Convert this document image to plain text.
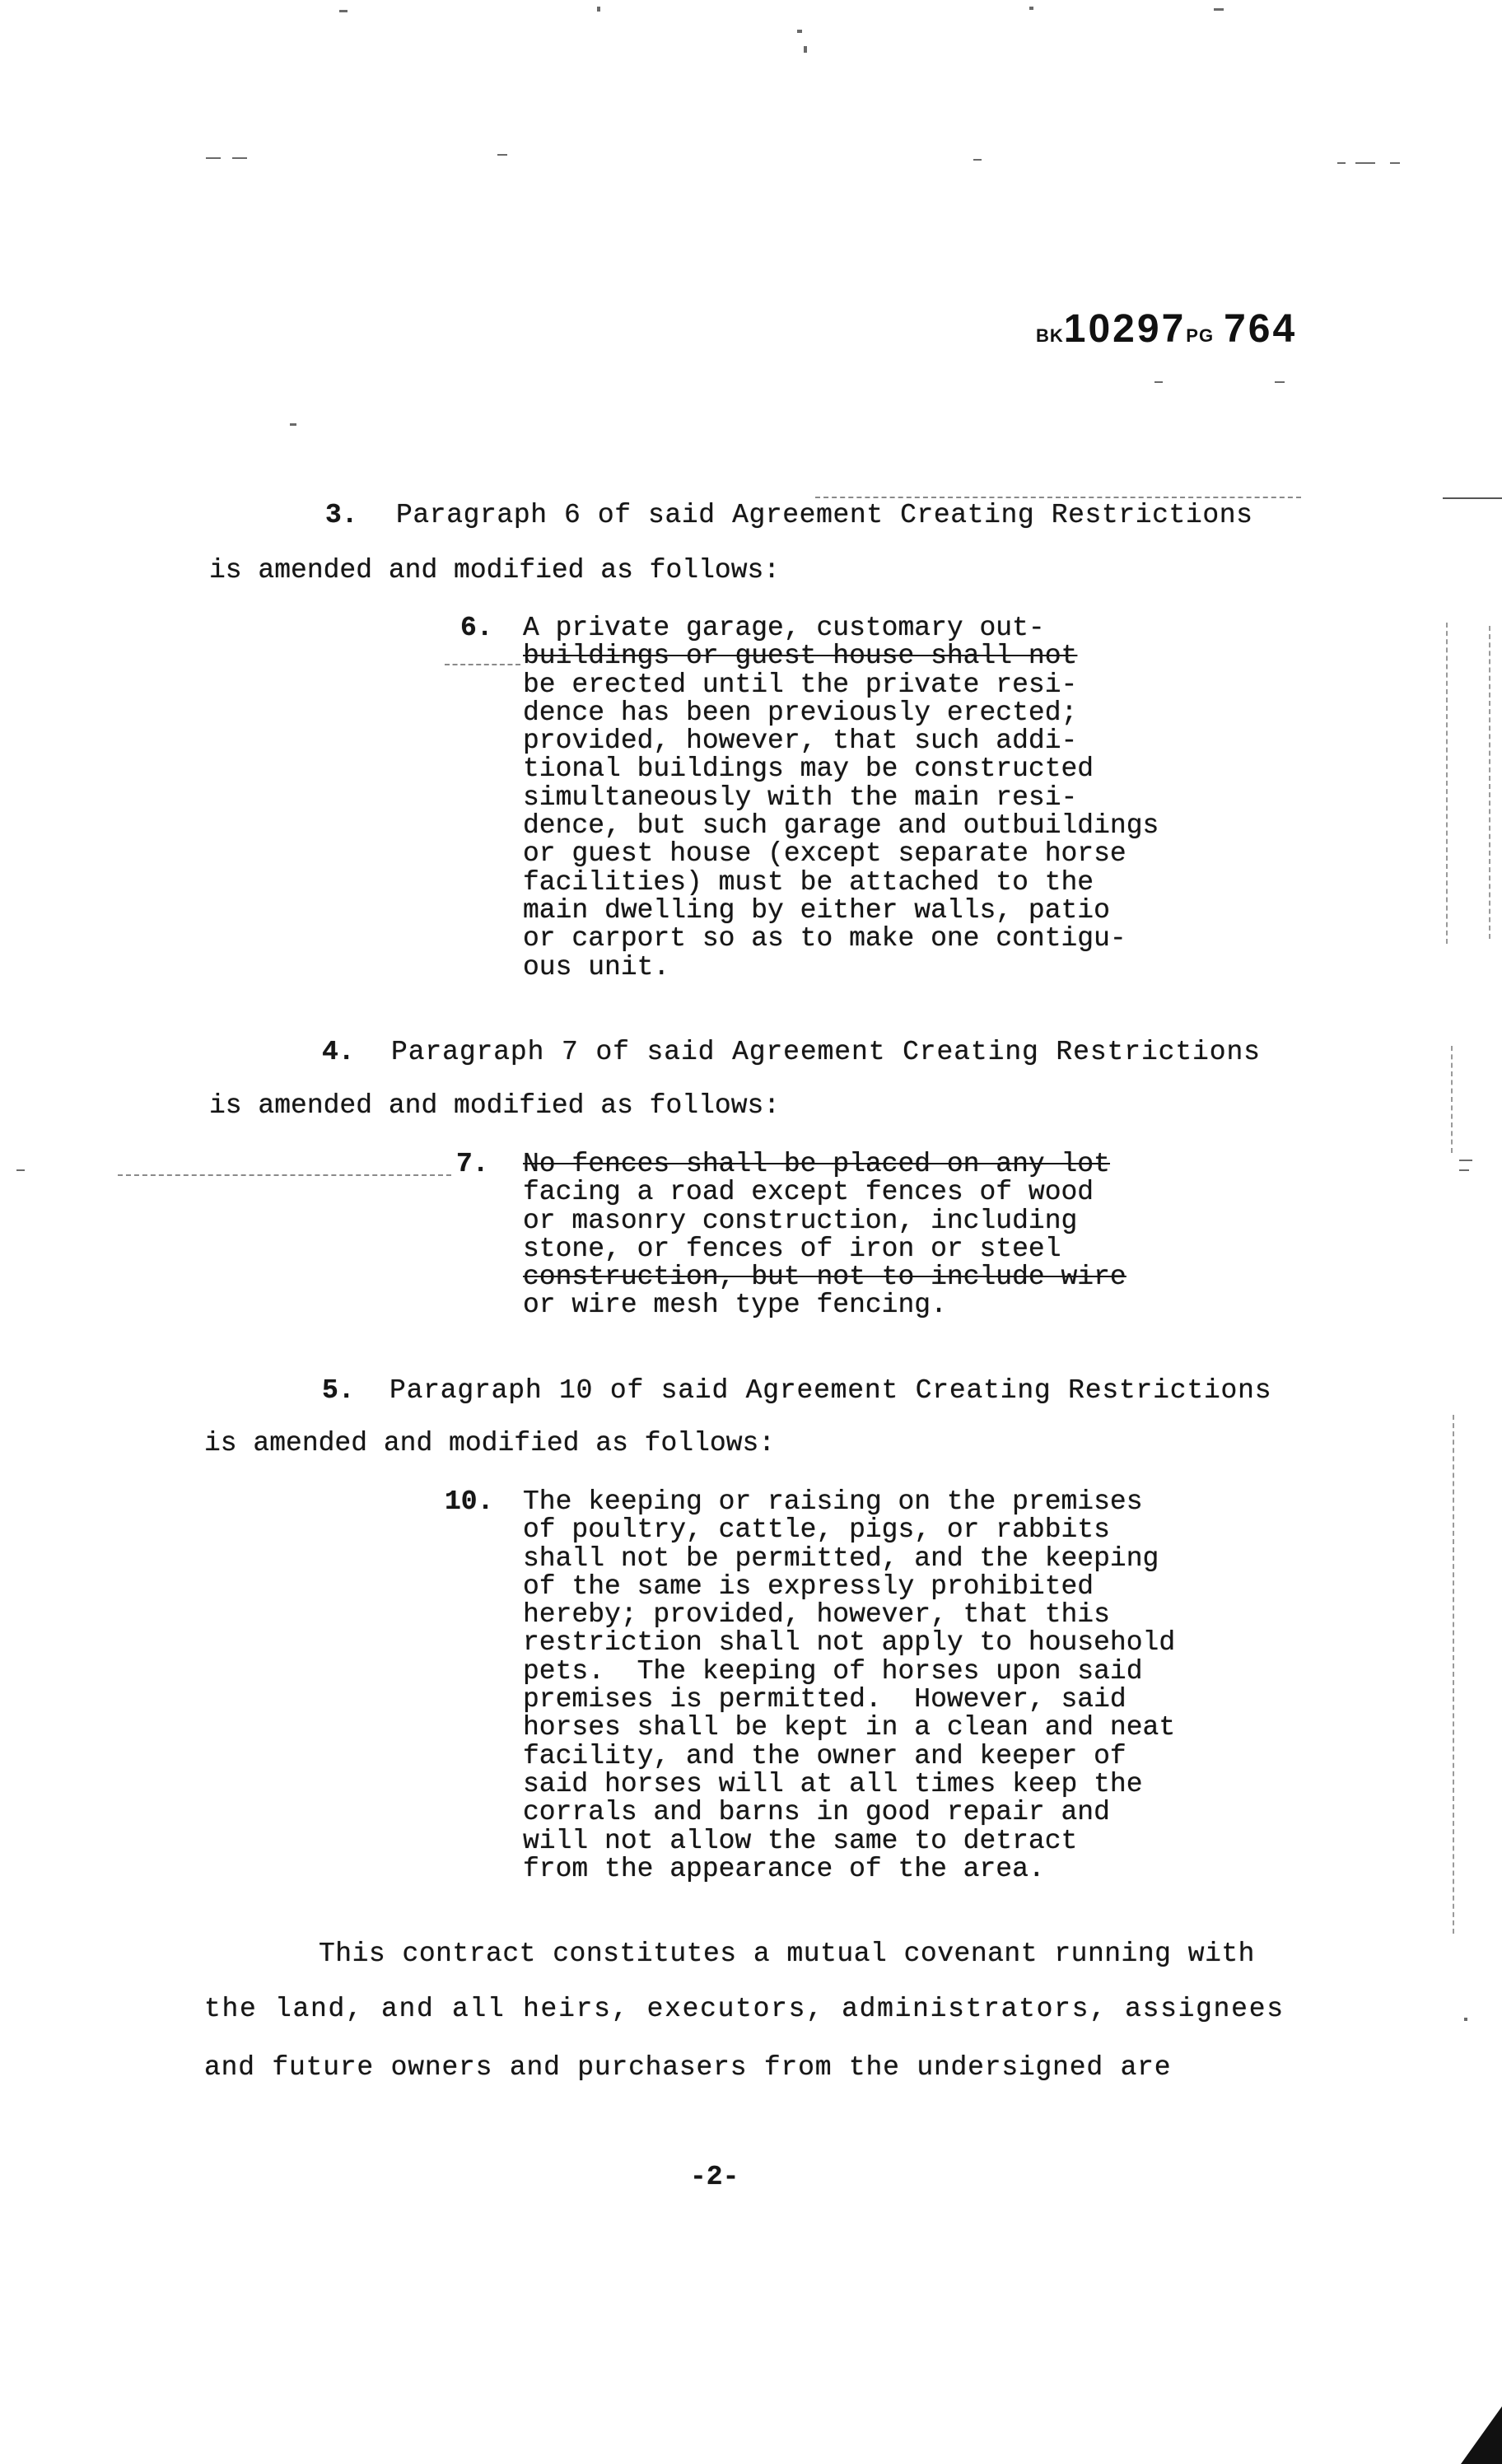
BK 10297 PG 764
3. Paragraph 6 of said Agreement Creating Restrictions
is amended and modified as follows:
6. A private garage, customary out-
buildings or guest house shall not
be erected until the private resi-
dence has been previously erected;
provided, however, that such addi-
tional buildings may be constructed
simultaneously with the main resi-
dence, but such garage and outbuildings
or guest house (except separate horse
facilities) must be attached to the
main dwelling by either walls, patio
or carport so as to make one contigu-
ous unit.
4. Paragraph 7 of said Agreement Creating Restrictions
is amended and modified as follows:
7. No fences shall be placed on any lot
facing a road except fences of wood
or masonry construction, including
stone, or fences of iron or steel
construction, but not to include wire
or wire mesh type fencing.
5. Paragraph 10 of said Agreement Creating Restrictions
is amended and modified as follows:
10. The keeping or raising on the premises
of poultry, cattle, pigs, or rabbits
shall not be permitted, and the keeping
of the same is expressly prohibited
hereby; provided, however, that this
restriction shall not apply to household
pets.  The keeping of horses upon said
premises is permitted.  However, said
horses shall be kept in a clean and neat
facility, and the owner and keeper of
said horses will at all times keep the
corrals and barns in good repair and
will not allow the same to detract
from the appearance of the area.
This contract constitutes a mutual covenant running with
the land, and all heirs, executors, administrators, assignees
and future owners and purchasers from the undersigned are
-2-
